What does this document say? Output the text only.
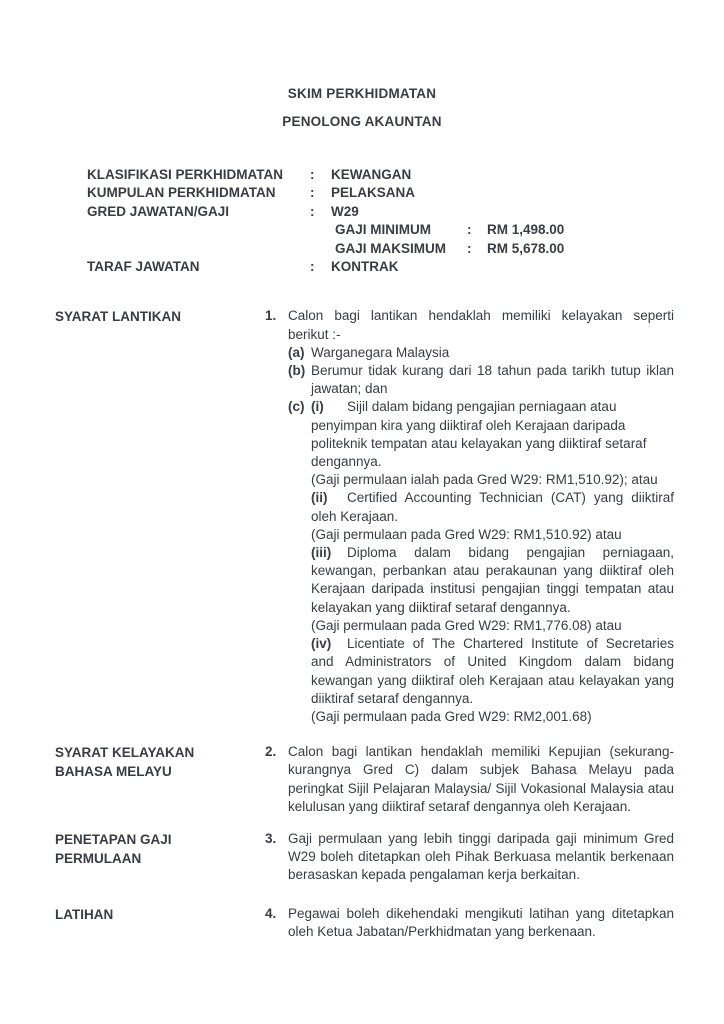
SKIM PERKHIDMATAN
PENOLONG AKAUNTAN
KLASIFIKASI PERKHIDMATAN	:	KEWANGAN
KUMPULAN PERKHIDMATAN	:	PELAKSANA
GRED JAWATAN/GAJI	:	W29
GAJI MINIMUM	:	RM 1,498.00
GAJI MAKSIMUM	:	RM 5,678.00
TARAF JAWATAN	:	KONTRAK
SYARAT LANTIKAN	1. Calon bagi lantikan hendaklah memiliki kelayakan seperti berikut :-

(a) Warganegara Malaysia
(b) Berumur tidak kurang dari 18 tahun pada tarikh tutup iklan jawatan; dan
(c) (i) Sijil dalam bidang pengajian perniagaan atau penyimpan kira yang diiktiraf oleh Kerajaan daripada politeknik tempatan atau kelayakan yang diiktiraf setaraf dengannya.

(Gaji permulaan ialah pada Gred W29: RM1,510.92); atau

(ii) Certified Accounting Technician (CAT) yang diiktiraf oleh Kerajaan.

(Gaji permulaan pada Gred W29: RM1,510.92) atau

(iii) Diploma dalam bidang pengajian perniagaan, kewangan, perbankan atau perakaunan yang diiktiraf oleh Kerajaan daripada institusi pengajian tinggi tempatan atau kelayakan yang diiktiraf setaraf dengannya.

(Gaji permulaan pada Gred W29: RM1,776.08) atau

(iv) Licentiate of The Chartered Institute of Secretaries and Administrators of United Kingdom dalam bidang kewangan yang diiktiraf oleh Kerajaan atau kelayakan yang diiktiraf setaraf dengannya.

(Gaji permulaan pada Gred W29: RM2,001.68)

SYARAT KELAYAKAN
BAHASA MELAYU
2. Calon bagi lantikan hendaklah memiliki Kepujian (sekurang-kurangnya Gred C) dalam subjek Bahasa Melayu pada peringkat Sijil Pelajaran Malaysia/ Sijil Vokasional Malaysia atau kelulusan yang diiktiraf setaraf dengannya oleh Kerajaan.

PENETAPAN GAJI
PERMULAAN
3. Gaji permulaan yang lebih tinggi daripada gaji minimum Gred W29 boleh ditetapkan oleh Pihak Berkuasa melantik berkenaan berasaskan kepada pengalaman kerja berkaitan.

LATIHAN	4. Pegawai boleh dikehendaki mengikuti latihan yang ditetapkan oleh Ketua Jabatan/Perkhidmatan yang berkenaan.
